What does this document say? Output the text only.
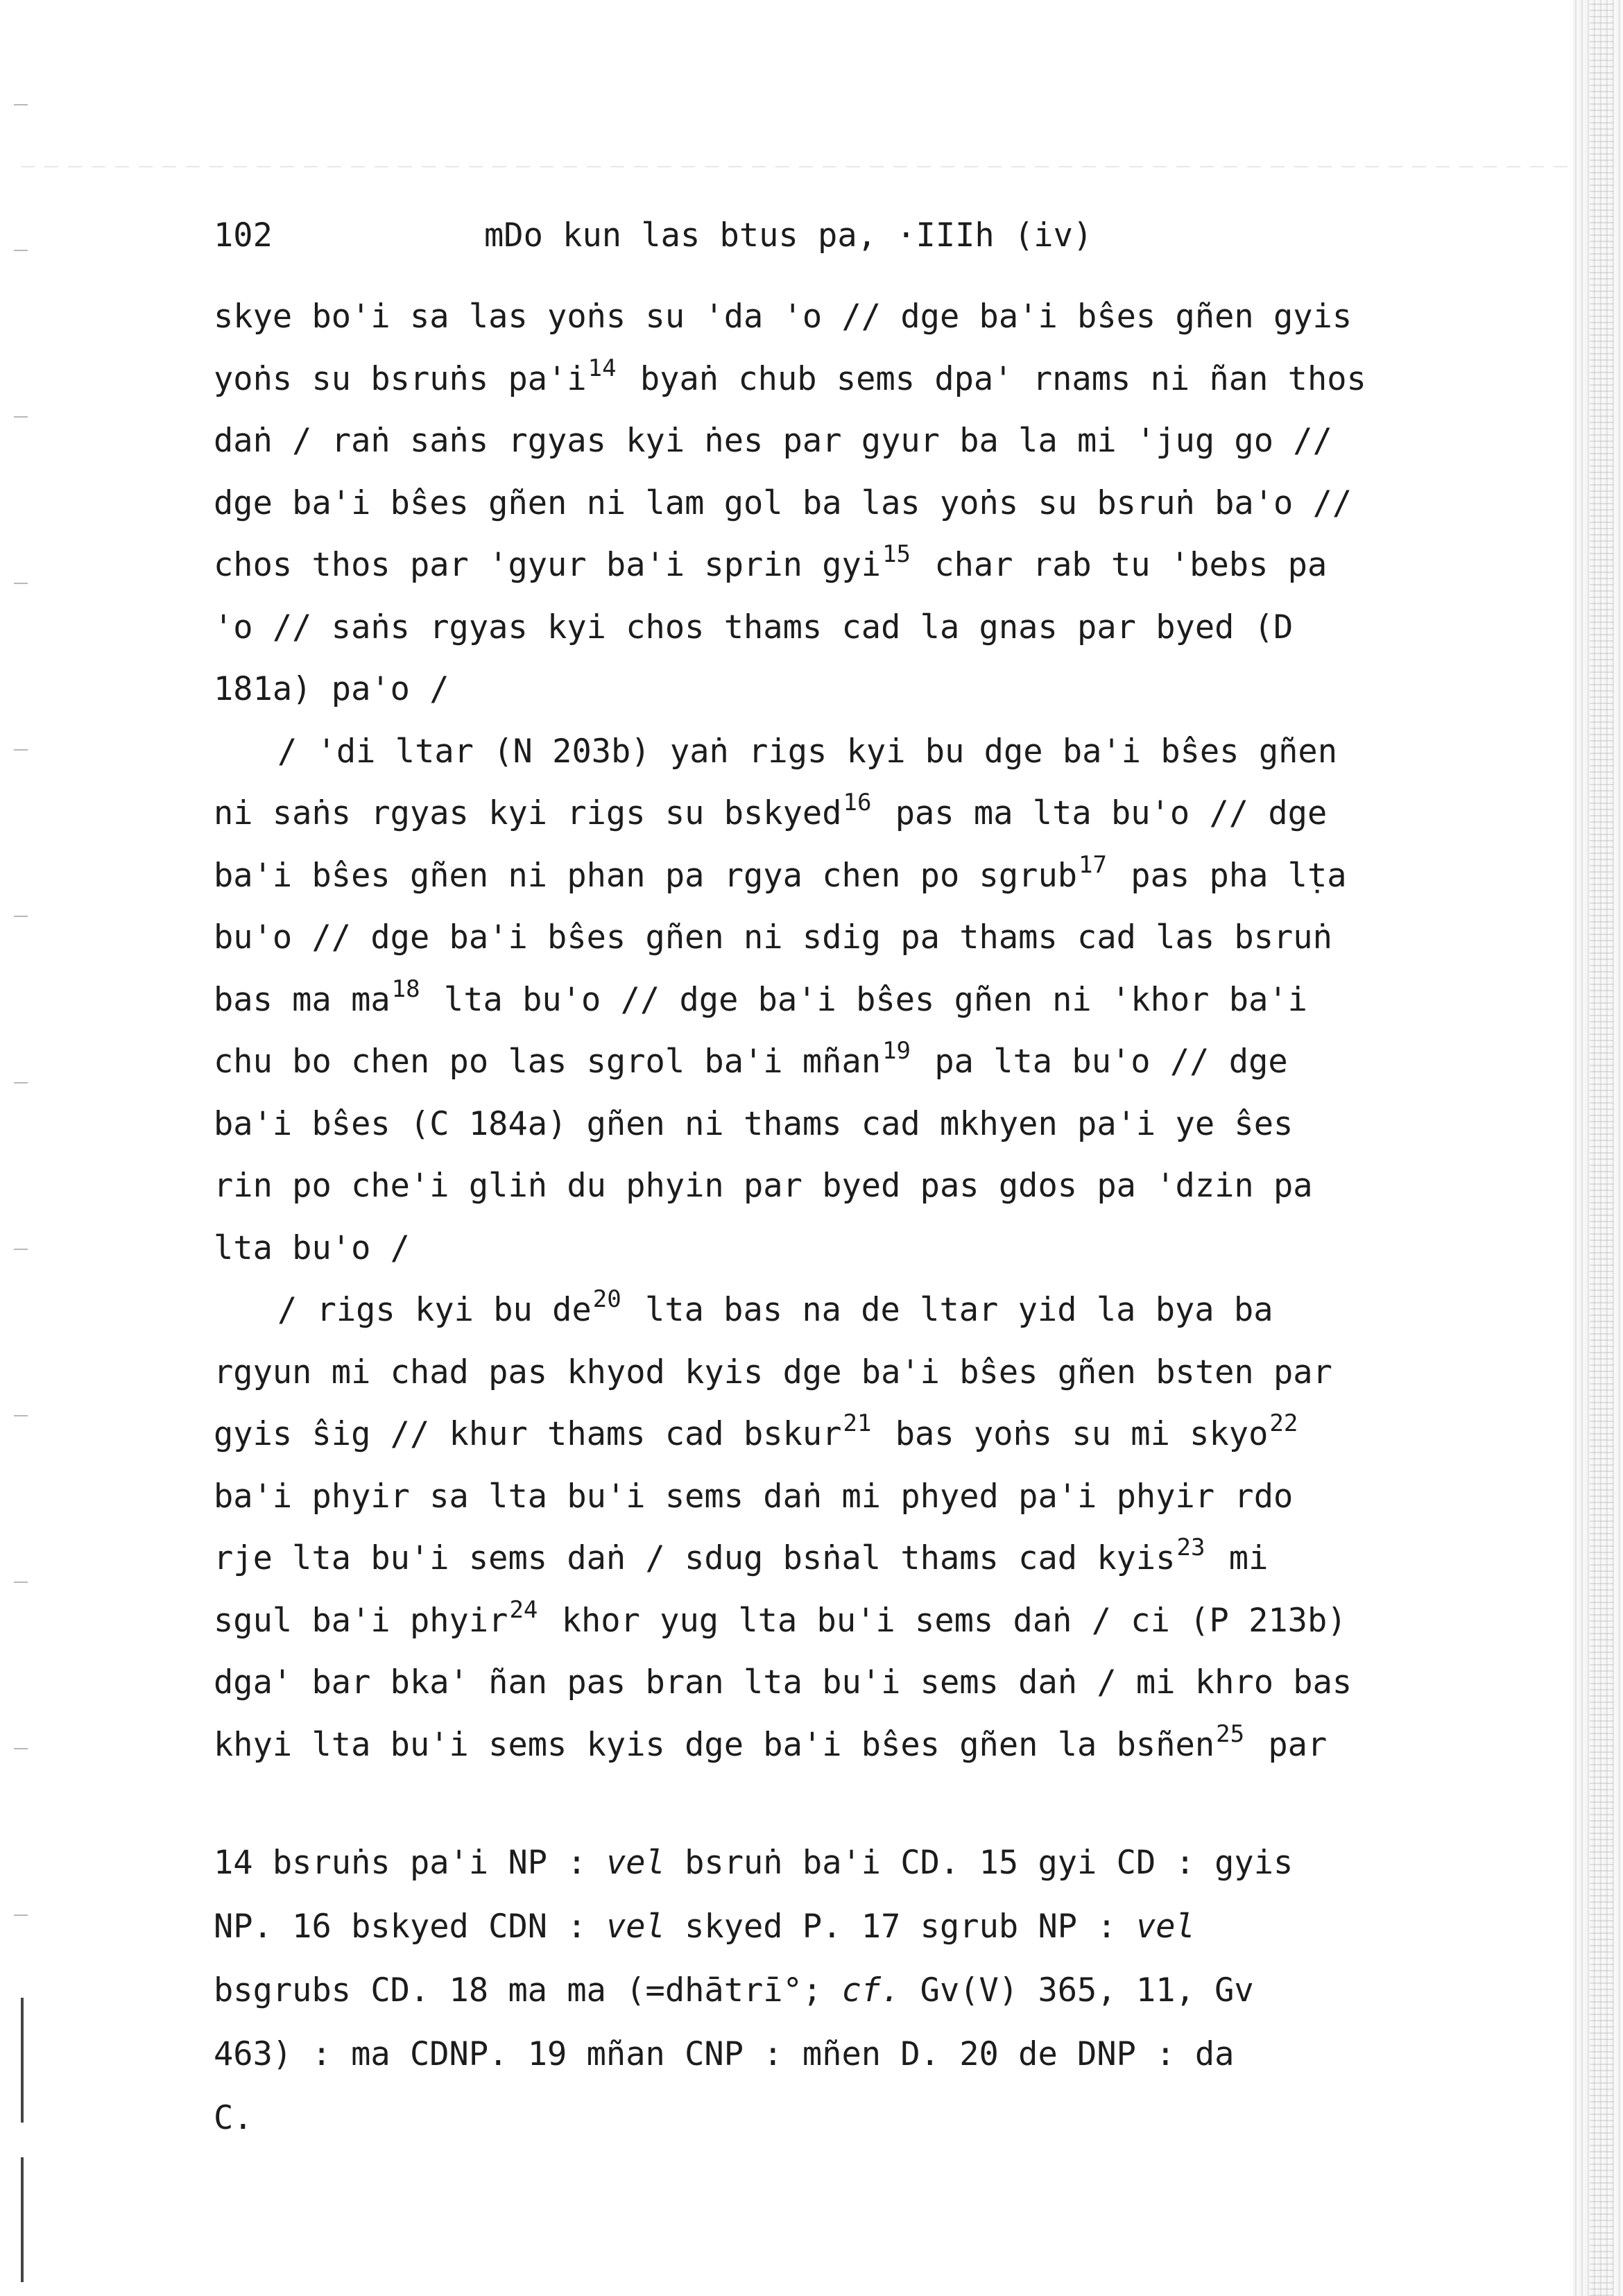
102	mDo kun las btus pa, ·IIIh (iv)
skye bo'i sa las yoṅs su 'da 'o // dge ba'i bŝes gñen gyis
yoṅs su bsruṅs $pa'i^{14}$ byaṅ chub sems dpa' rnams ni ñan thos
daṅ / raṅ saṅs rgyas kyi ṅes par gyur ba la mi 'jug go //
dge ba'i bŝes gñen ni lam gol ba las yoṅs su bsruṅ ba'o //
chos thos par 'gyur ba'i sprin gyi$^{15}$ char rab tu 'bebs pa
'o // saṅs rgyas kyi chos thams cad la gnas par byed (D
181a) pa'o /
/ 'di ltar (N 203b) yaṅ rigs kyi bu dge ba'i bŝes gñen
ni saṅs rgyas kyi rigs su bskyed$^{16}$ pas ma lta bu'o // dge
ba'i bŝes gñen ni phan pa rgya chen po sgrub$^{17}$ pas pha lṭa
bu'o // dge ba'i bŝes gñen ni sdig pa thams cad las bsruṅ
bas ma $ma^{18}$ lta bu'o // dge ba'i bŝes gñen ni 'khor ba'i
chu bo chen po las sgrol ba'i mñan$^{19}$ pa lta bu'o // dge
ba'i bŝes (C 184a) gñen ni thams cad mkhyen pa'i ye ŝes
rin po che'i gliṅ du phyin par byed pas gdos pa 'dzin pa
lta bu'o /
/ rigs kyi bu $de^{20}$ lta bas na de ltar yid la bya ba
rgyun mi chad pas khyod kyis dge ba'i bŝes gñen bsten par
gyis ŝig // khur thams cad bskur$^{21}$ bas yoṅs su mi skyo$^{22}$
ba'i phyir sa lta bu'i sems daṅ mi phyed pa'i phyir rdo
rje lta bu'i sems daṅ / sdug bsṅal thams cad kyis$^{23}$ mi
sgul ba'i phyir$^{24}$ khor yug lta bu'i sems daṅ / ci (P 213b)
dga' bar bka' ñan pas bran lta bu'i sems daṅ / mi khro bas
khyi lta bu'i sems kyis dge ba'i bŝes gñen la bsñen$^{25}$ par
14 bsruṅs pa'i NP : vel bsruṅ ba'i CD. 15 gyi CD : gyis
NP. 16 bskyed CDN : vel skyed P. 17 sgrub NP : vel
bsgrubs CD. 18 ma ma (=dhātrī°; cf. Gv(V) 365, 11, Gv
463) : ma CDNP. 19 mñan CNP : mñen D. 20 de DNP : da
C.
